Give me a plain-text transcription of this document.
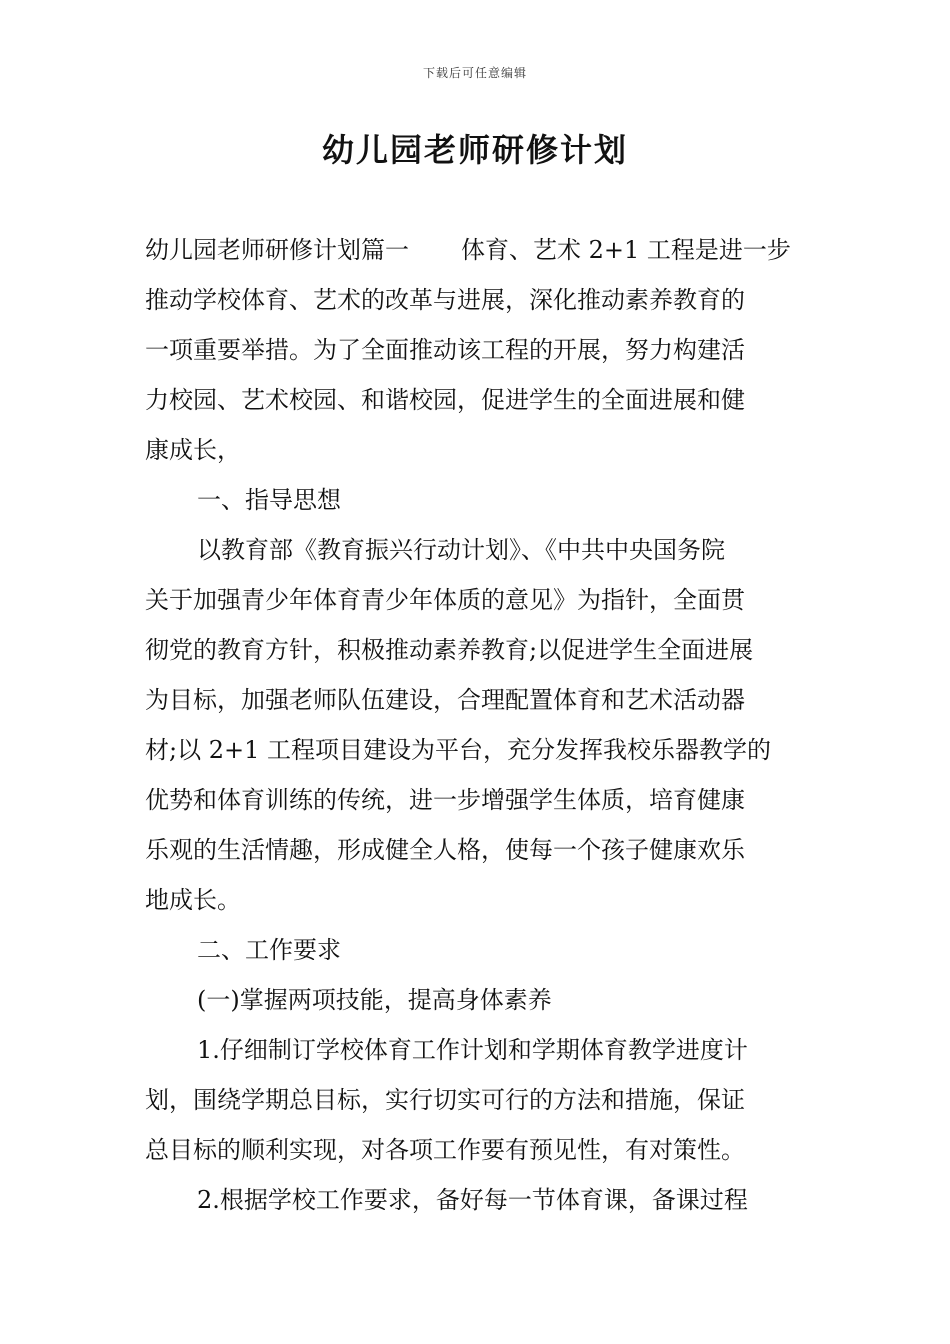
下载后可任意编辑
幼儿园老师研修计划
幼儿园老师研修计划篇一 体育、艺术 2+1 工程是进一步
推动学校体育、艺术的改革与进展，深化推动素养教育的
一项重要举措。为了全面推动该工程的开展，努力构建活
力校园、艺术校园、和谐校园，促进学生的全面进展和健
康成长，
一、指导思想
以教育部《教育振兴行动计划》、《中共中央国务院
关于加强青少年体育青少年体质的意见》为指针，全面贯
彻党的教育方针，积极推动素养教育;以促进学生全面进展
为目标，加强老师队伍建设，合理配置体育和艺术活动器
材;以 2+1 工程项目建设为平台，充分发挥我校乐器教学的
优势和体育训练的传统，进一步增强学生体质，培育健康
乐观的生活情趣，形成健全人格，使每一个孩子健康欢乐
地成长。
二、工作要求
(一)掌握两项技能，提高身体素养
1.仔细制订学校体育工作计划和学期体育教学进度计
划，围绕学期总目标，实行切实可行的方法和措施，保证
总目标的顺利实现，对各项工作要有预见性，有对策性。
2.根据学校工作要求，备好每一节体育课，备课过程
